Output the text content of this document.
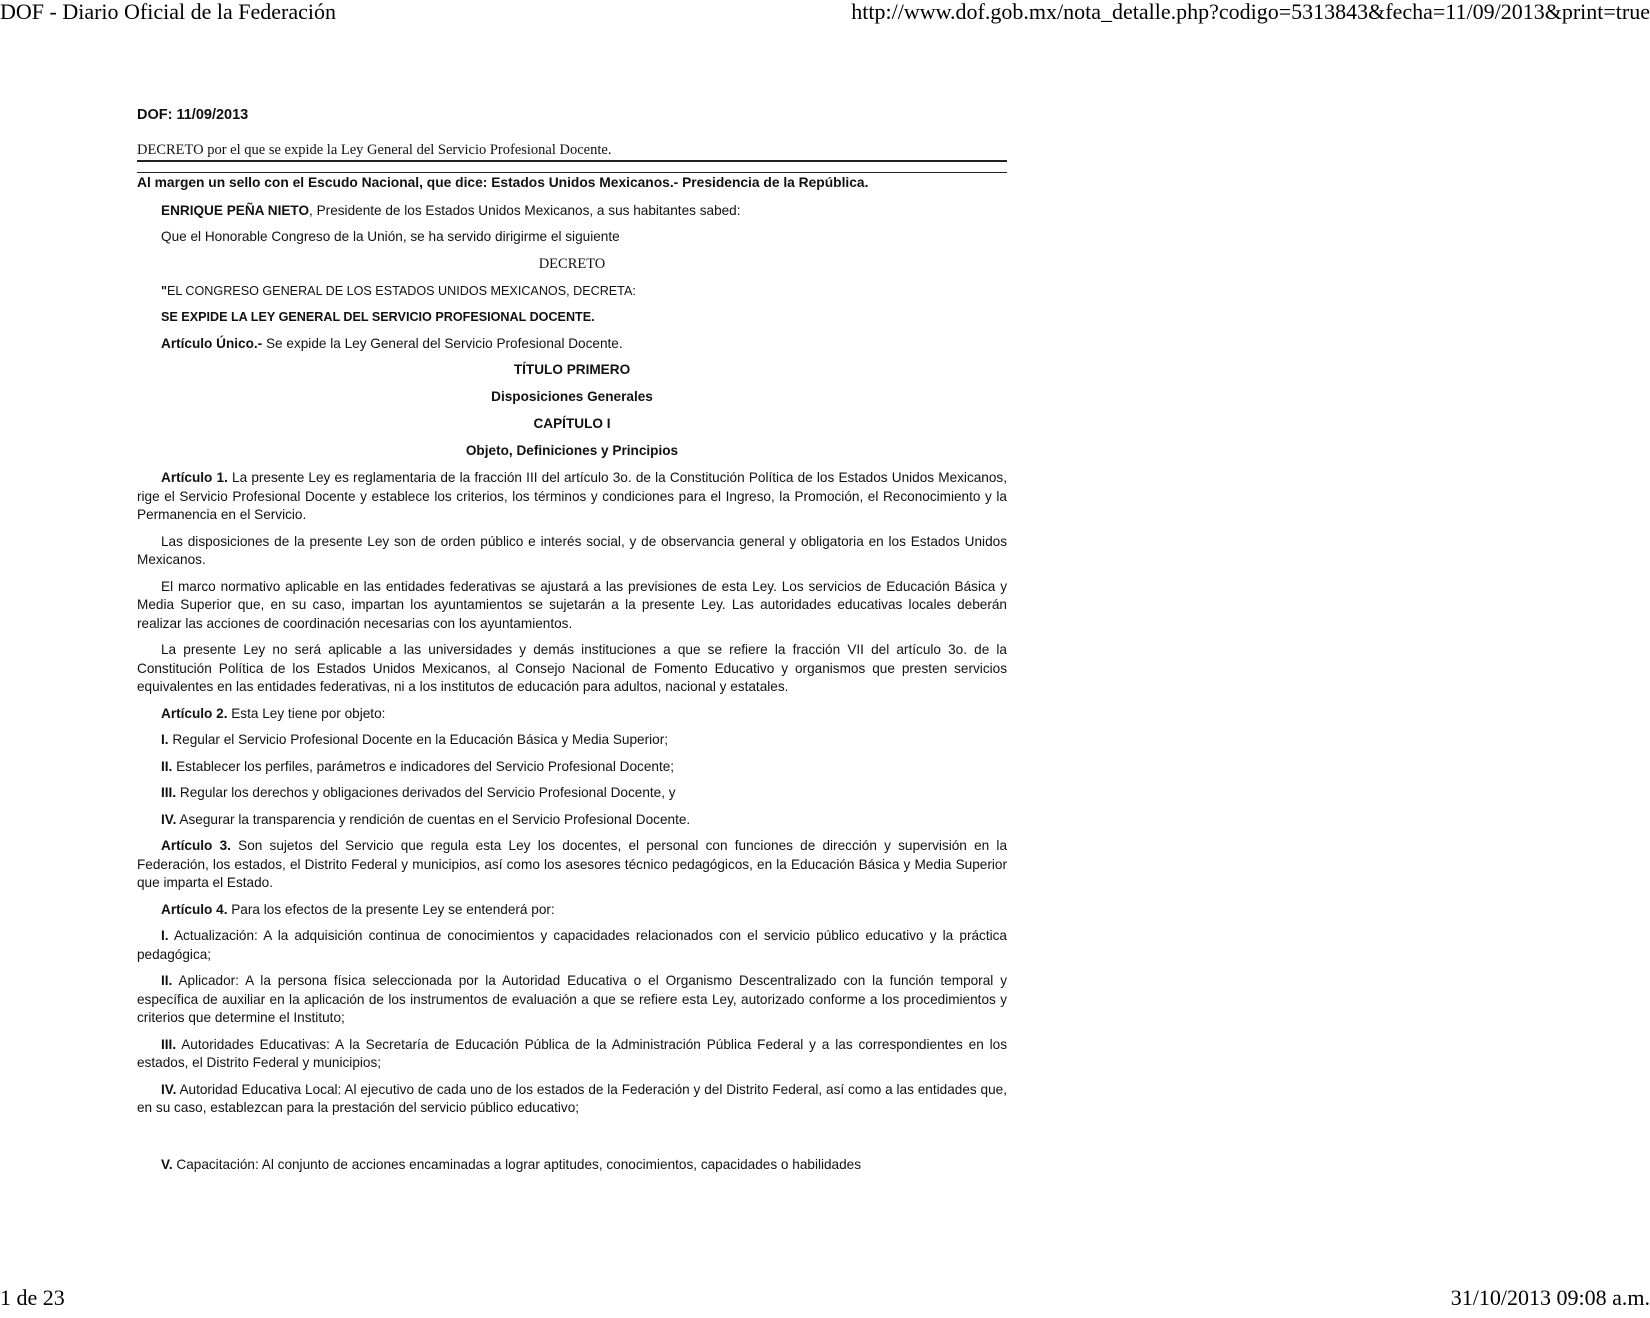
DOF - Diario Oficial de la Federación	http://www.dof.gob.mx/nota_detalle.php?codigo=5313843&fecha=11/09/2013&print=true
DOF: 11/09/2013
DECRETO por el que se expide la Ley General del Servicio Profesional Docente.
Al margen un sello con el Escudo Nacional, que dice: Estados Unidos Mexicanos.- Presidencia de la República.

ENRIQUE PEÑA NIETO, Presidente de los Estados Unidos Mexicanos, a sus habitantes sabed:

Que el Honorable Congreso de la Unión, se ha servido dirigirme el siguiente

DECRETO

"EL CONGRESO GENERAL DE LOS ESTADOS UNIDOS MEXICANOS, DECRETA:

SE EXPIDE LA LEY GENERAL DEL SERVICIO PROFESIONAL DOCENTE.

Artículo Único.- Se expide la Ley General del Servicio Profesional Docente.

TÍTULO PRIMERO
Disposiciones Generales
CAPÍTULO I
Objeto, Definiciones y Principios

Artículo 1. La presente Ley es reglamentaria de la fracción III del artículo 3o. de la Constitución Política de los Estados Unidos Mexicanos, rige el Servicio Profesional Docente y establece los criterios, los términos y condiciones para el Ingreso, la Promoción, el Reconocimiento y la Permanencia en el Servicio.

Las disposiciones de la presente Ley son de orden público e interés social, y de observancia general y obligatoria en los Estados Unidos Mexicanos.

El marco normativo aplicable en las entidades federativas se ajustará a las previsiones de esta Ley. Los servicios de Educación Básica y Media Superior que, en su caso, impartan los ayuntamientos se sujetarán a la presente Ley. Las autoridades educativas locales deberán realizar las acciones de coordinación necesarias con los ayuntamientos.

La presente Ley no será aplicable a las universidades y demás instituciones a que se refiere la fracción VII del artículo 3o. de la Constitución Política de los Estados Unidos Mexicanos, al Consejo Nacional de Fomento Educativo y organismos que presten servicios equivalentes en las entidades federativas, ni a los institutos de educación para adultos, nacional y estatales.

Artículo 2. Esta Ley tiene por objeto:

I. Regular el Servicio Profesional Docente en la Educación Básica y Media Superior;

II. Establecer los perfiles, parámetros e indicadores del Servicio Profesional Docente;

III. Regular los derechos y obligaciones derivados del Servicio Profesional Docente, y

IV. Asegurar la transparencia y rendición de cuentas en el Servicio Profesional Docente.

Artículo 3. Son sujetos del Servicio que regula esta Ley los docentes, el personal con funciones de dirección y supervisión en la Federación, los estados, el Distrito Federal y municipios, así como los asesores técnico pedagógicos, en la Educación Básica y Media Superior que imparta el Estado.

Artículo 4. Para los efectos de la presente Ley se entenderá por:

I. Actualización: A la adquisición continua de conocimientos y capacidades relacionados con el servicio público educativo y la práctica pedagógica;

II. Aplicador: A la persona física seleccionada por la Autoridad Educativa o el Organismo Descentralizado con la función temporal y específica de auxiliar en la aplicación de los instrumentos de evaluación a que se refiere esta Ley, autorizado conforme a los procedimientos y criterios que determine el Instituto;

III. Autoridades Educativas: A la Secretaría de Educación Pública de la Administración Pública Federal y a las correspondientes en los estados, el Distrito Federal y municipios;

IV. Autoridad Educativa Local: Al ejecutivo de cada uno de los estados de la Federación y del Distrito Federal, así como a las entidades que, en su caso, establezcan para la prestación del servicio público educativo;

V. Capacitación: Al conjunto de acciones encaminadas a lograr aptitudes, conocimientos, capacidades o habilidades

1 de 23	31/10/2013 09:08 a.m.
